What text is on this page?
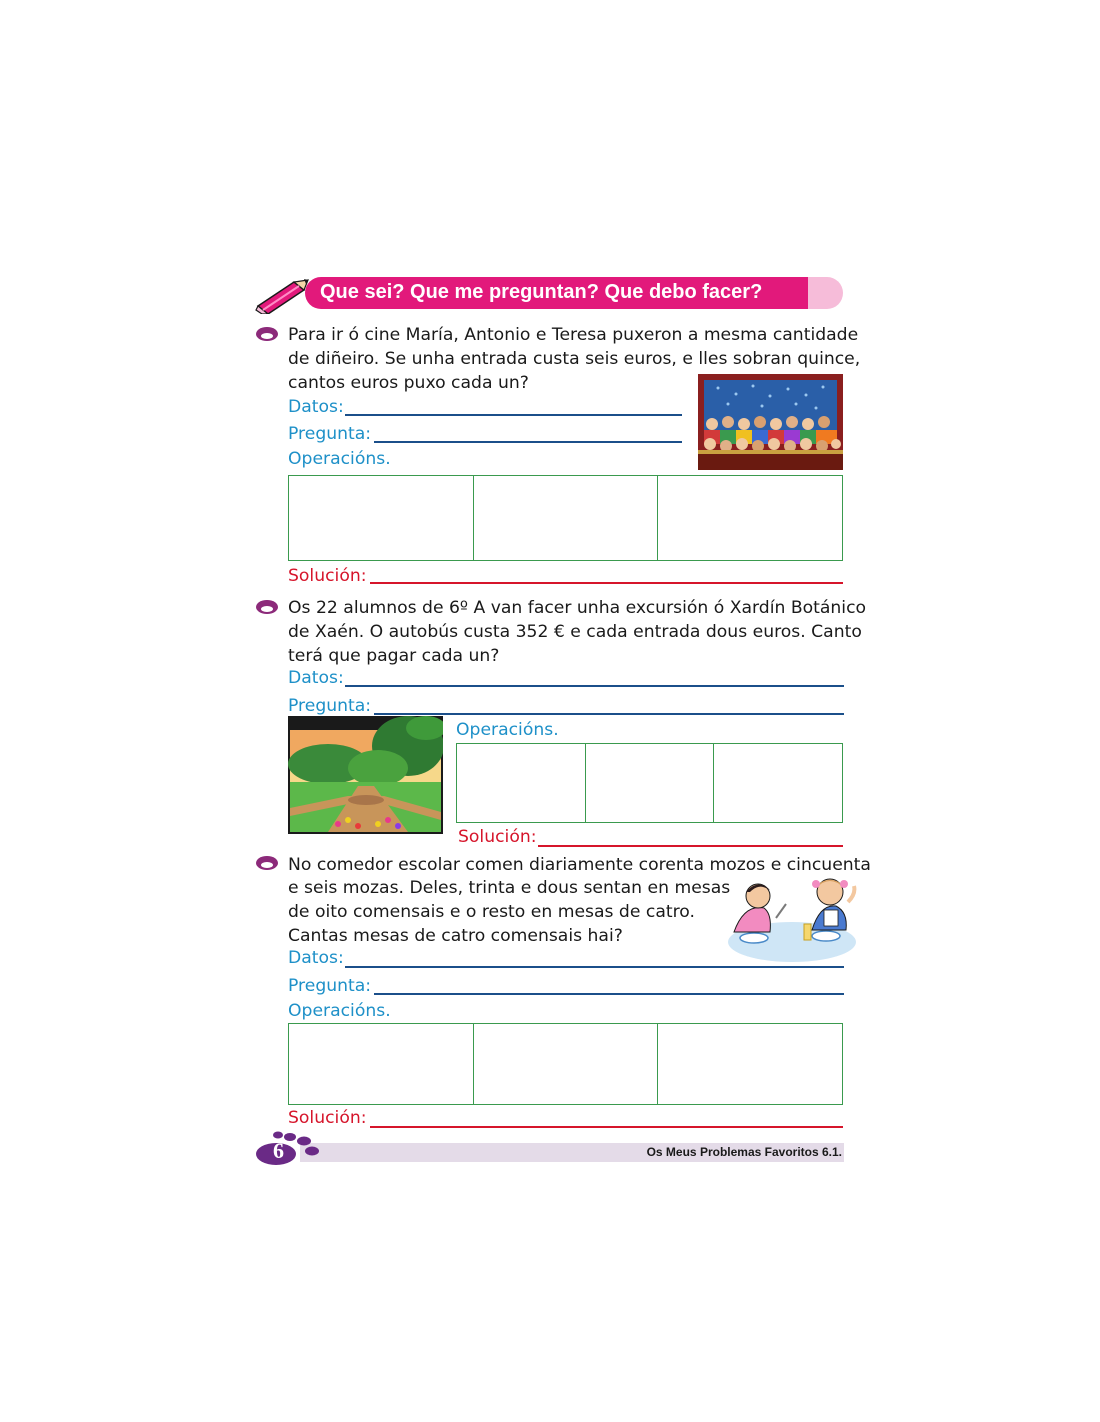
Que sei? Que me preguntan? Que debo facer?
Para ir ó cine María, Antonio e Teresa puxeron a mesma cantidade
de diñeiro. Se unha entrada custa seis euros, e lles sobran quince,
cantos euros puxo cada un?
Datos:
Pregunta:
Operacións.
Solución:
Os 22 alumnos de 6º A van facer unha excursión ó Xardín Botánico
de Xaén. O autobús custa 352 € e cada entrada dous euros. Canto
terá que pagar cada un?
Datos:
Pregunta:
Operacións.
Solución:
No comedor escolar comen diariamente corenta mozos e cincuenta
e seis mozas. Deles, trinta e dous sentan en mesas
de oito comensais e o resto en mesas de catro.
Cantas mesas de catro comensais hai?
Datos:
Pregunta:
Operacións.
Solución:
6	Os Meus Problemas Favoritos 6.1.
